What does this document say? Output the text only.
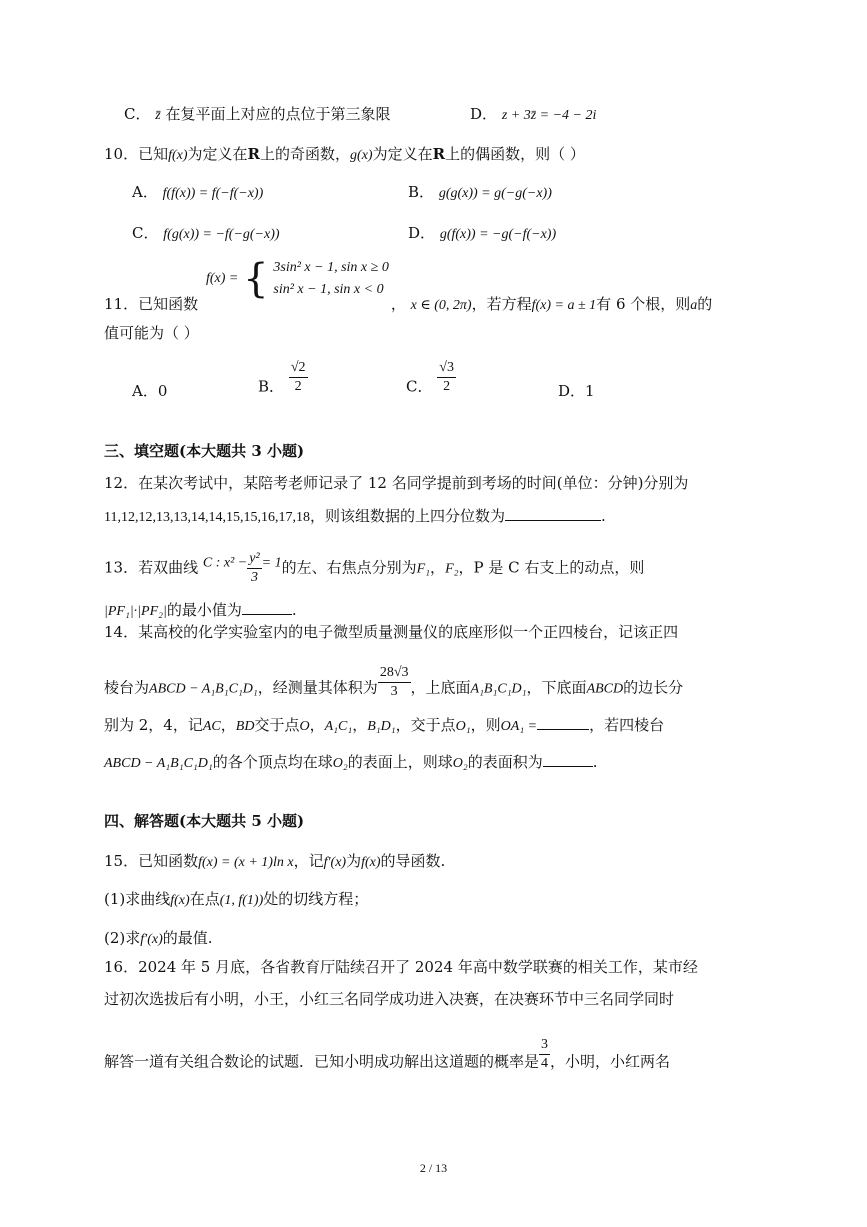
C． z̄ 在复平面上对应的点位于第三象限	D． z + 3z̄ = −4 − 2i
10．已知f(x)为定义在R上的奇函数，g(x)为定义在R上的偶函数，则（ ）
A． f(f(x)) = f(−f(−x))	B． g(g(x)) = g(−g(−x))
C． f(g(x)) = −f(−g(−x))	D． g(f(x)) = −g(−f(−x))
f(x) = { 3sin² x − 1, sin x ≥ 0
sin² x − 1, sin x < 0
11．已知函数	， x ∈ (0, 2π)，若方程f(x) = a ± 1有 6 个根，则a的
值可能为（ ）
A．0	B． $\frac{√2}{2}$	C． $\frac{√3}{2}$	D．1
三、填空题(本大题共 3 小题)
12．在某次考试中，某陪考老师记录了 12 名同学提前到考场的时间(单位：分钟)分别为
11,12,12,13,13,14,14,15,15,16,17,18，则该组数据的上四分位数为	.
13．若双曲线 C : $x^2 - \frac{\text{y²}}{3} = 1$的左、右焦点分别为F₁，F₂，P 是 C 右支上的动点，则
|PF₁|·|PF₂|的最小值为	.
14．某高校的化学实验室内的电子微型质量测量仪的底座形似一个正四棱台，记该正四
棱台为ABCD − A₁B₁C₁D₁，经测量其体积为 $\frac{28√3}{3}$ ，上底面A₁B₁C₁D₁，下底面ABCD的边长分
别为 2，4，记AC，BD交于点O，A₁C₁，B₁D₁，交于点O₁，则OA₁ =	，若四棱台
ABCD − A₁B₁C₁D₁的各个顶点均在球O₂的表面上，则球O₂的表面积为	.
四、解答题(本大题共 5 小题)
15．已知函数f(x) = (x + 1)ln x，记f′(x)为f(x)的导函数.
(1)求曲线f(x)在点(1, f(1))处的切线方程；
(2)求f′(x)的最值.
16．2024 年 5 月底，各省教育厅陆续召开了 2024 年高中数学联赛的相关工作，某市经
过初次选拔后有小明，小王，小红三名同学成功进入决赛，在决赛环节中三名同学同时
解答一道有关组合数论的试题．已知小明成功解出这道题的概率是 $\frac{3}{4}$ ，小明，小红两名
2 / 13
